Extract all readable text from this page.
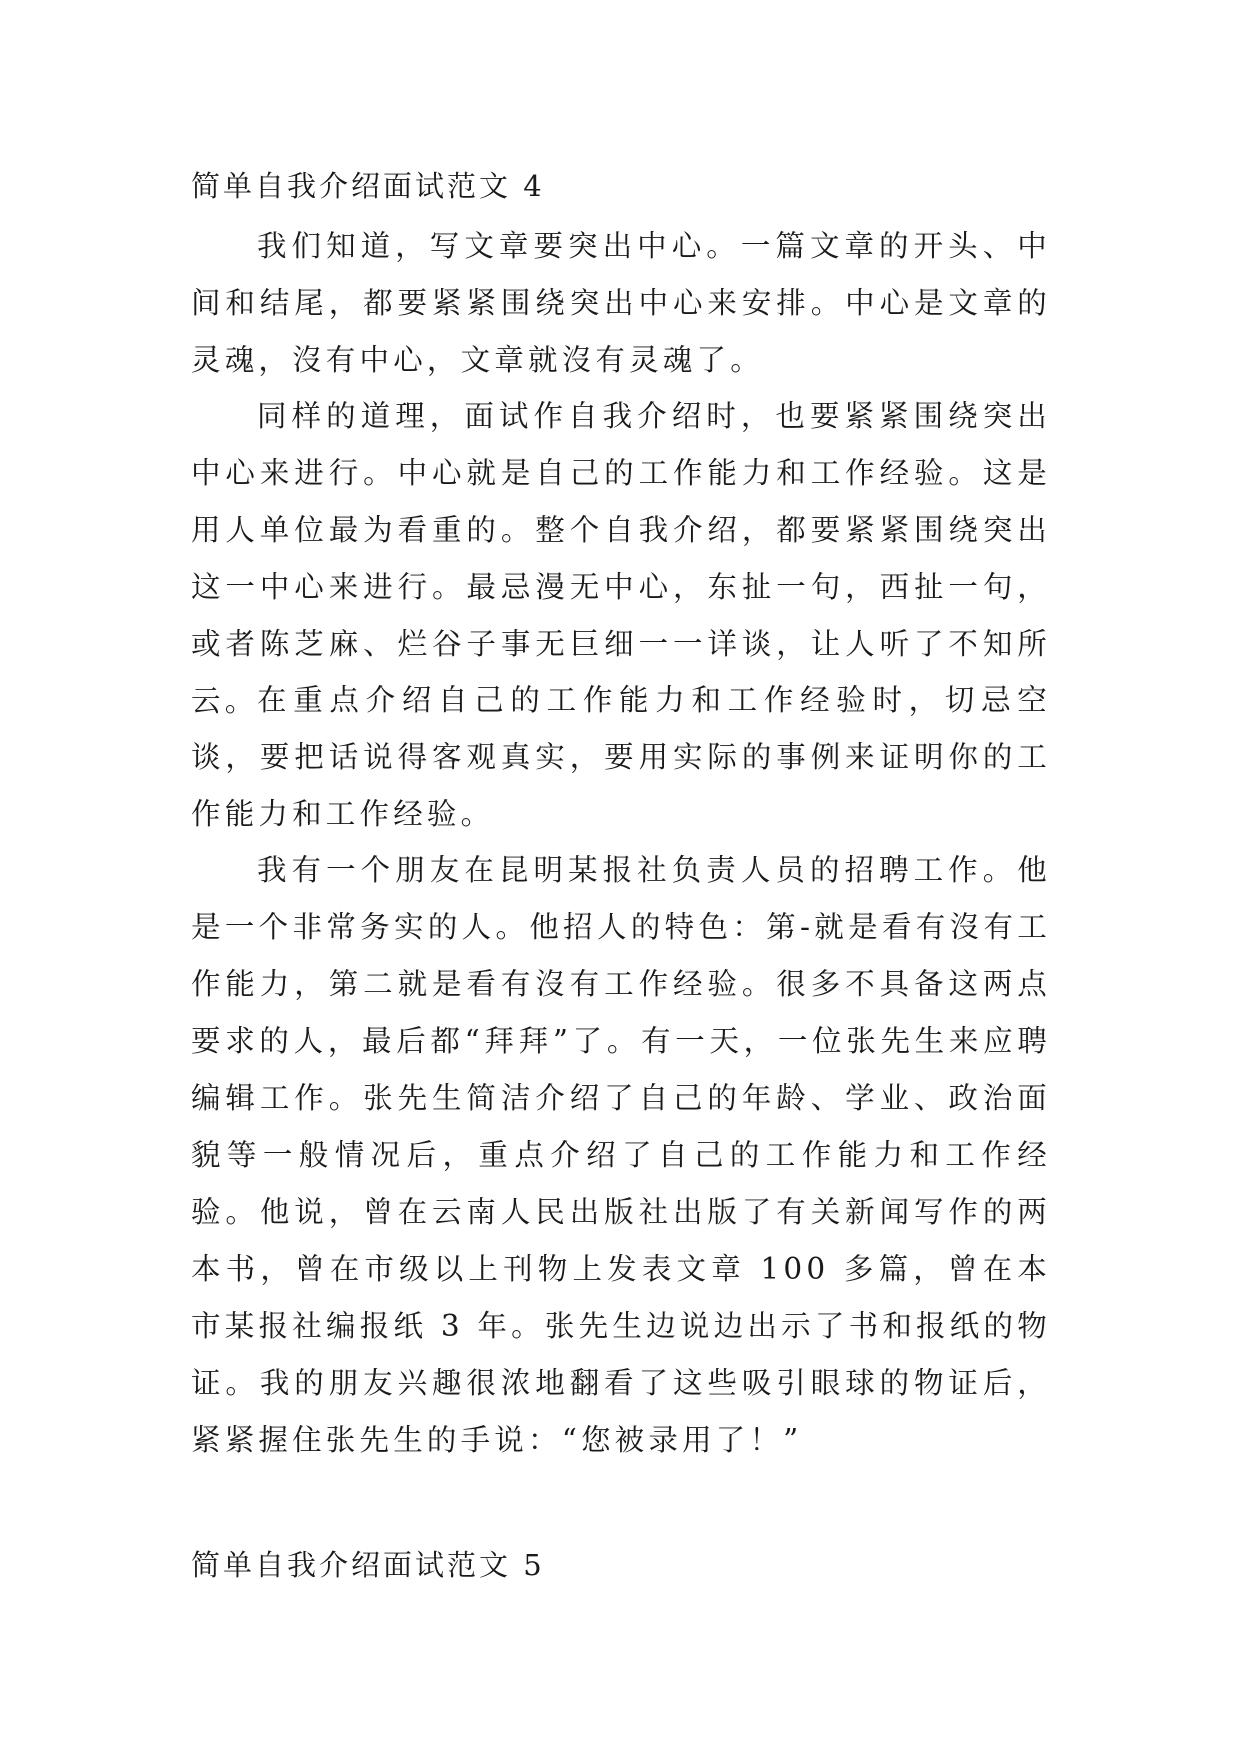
简单自我介绍面试范文 4

我们知道，写文章要突出中心。一篇文章的开头、中间和结尾，都要紧紧围绕突出中心来安排。中心是文章的灵魂，沒有中心，文章就沒有灵魂了。

同样的道理，面试作自我介绍时，也要紧紧围绕突出中心来进行。中心就是自己的工作能力和工作经验。这是用人单位最为看重的。整个自我介绍，都要紧紧围绕突出这一中心来进行。最忌漫无中心，东扯一句，西扯一句，或者陈芝麻、烂谷子事无巨细一一详谈，让人听了不知所云。

在重点介绍自己的工作能力和工作经验时，切忌空谈，要把话说得客观真实，要用实际的事例来证明你的工作能力和工作经验。

我有一个朋友在昆明某报社负责人员的招聘工作。他是一个非常务实的人。他招人的特色：第-就是看有沒有工作能力，第二就是看有沒有工作经验。很多不具备这两点要求的人，最后都“拜拜”了。有一天，一位张先生来应聘编辑工作。张先生简洁介绍了自己的年龄、学业、政治面貌等一般情况后，重点介绍了自己的工作能力和工作经验。他说，曾在云南人民出版社出版了有关新闻写作的两本书，曾在市级以上刊物上发表文章 100 多篇，曾在本市某报社编报纸 3 年。张先生边说边出示了书和报纸的物证。我的朋友兴趣很浓地翻看了这些吸引眼球的物证后，紧紧握住张先生的手说：“您被录用了！”

简单自我介绍面试范文 5
